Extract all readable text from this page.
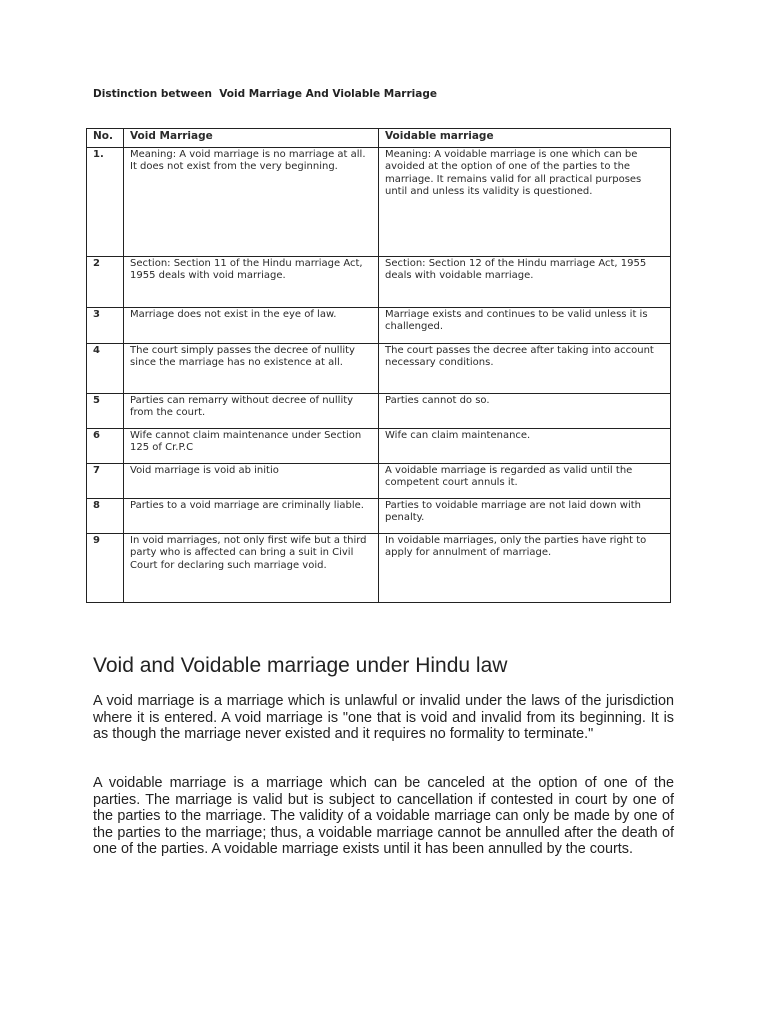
Distinction between  Void Marriage And Violable Marriage
No.	Void Marriage	Voidable marriage
1.	Meaning: A void marriage is no marriage at all. It does not exist from the very beginning.	Meaning: A voidable marriage is one which can be avoided at the option of one of the parties to the marriage. It remains valid for all practical purposes until and unless its validity is questioned.
2	Section: Section 11 of the Hindu marriage Act, 1955 deals with void marriage.	Section: Section 12 of the Hindu marriage Act, 1955 deals with voidable marriage.
3	Marriage does not exist in the eye of law.	Marriage exists and continues to be valid unless it is challenged.
4	The court simply passes the decree of nullity since the marriage has no existence at all.	The court passes the decree after taking into account necessary conditions.
5	Parties can remarry without decree of nullity from the court.	Parties cannot do so.
6	Wife cannot claim maintenance under Section 125 of Cr.P.C	Wife can claim maintenance.
7	Void marriage is void ab initio	A voidable marriage is regarded as valid until the competent court annuls it.
8	Parties to a void marriage are criminally liable.	Parties to voidable marriage are not laid down with penalty.
9	In void marriages, not only first wife but a third party who is affected can bring a suit in Civil Court for declaring such marriage void.	In voidable marriages, only the parties have right to apply for annulment of marriage.
Void and Voidable marriage under Hindu law

A void marriage is a marriage which is unlawful or invalid under the laws of the jurisdiction where it is entered. A void marriage is "one that is void and invalid from its beginning. It is as though the marriage never existed and it requires no formality to terminate."

A voidable marriage is a marriage which can be canceled at the option of one of the parties. The marriage is valid but is subject to cancellation if contested in court by one of the parties to the marriage. The validity of a voidable marriage can only be made by one of the parties to the marriage; thus, a voidable marriage cannot be annulled after the death of one of the parties. A voidable marriage exists until it has been annulled by the courts.
